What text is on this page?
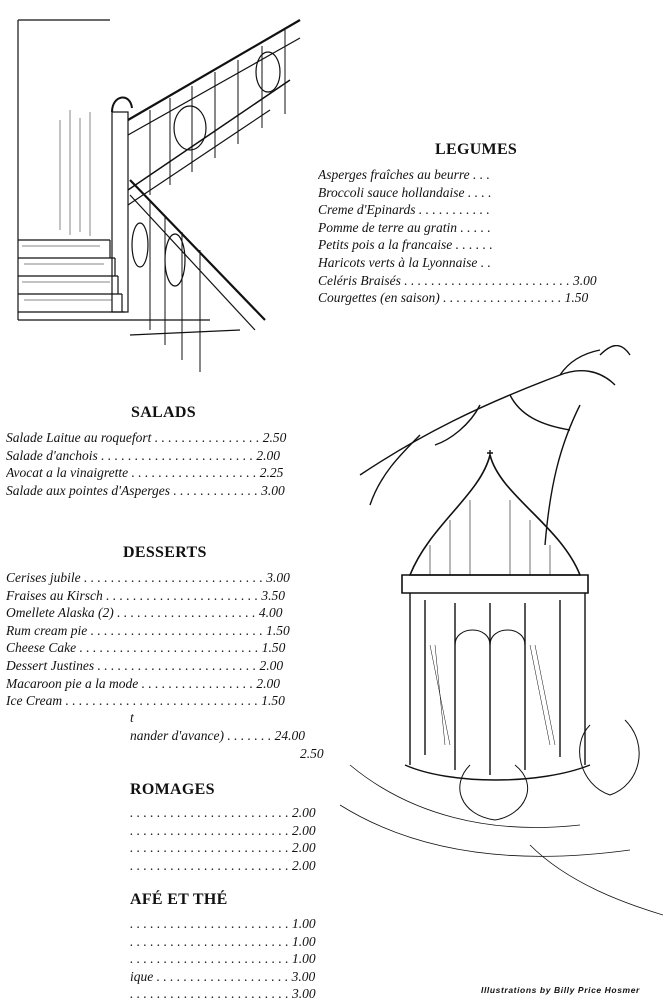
LEGUMES
Asperges fraîches au beurre . . .
Broccoli sauce hollandaise . . . .
Creme d'Epinards . . . . . . . . . . .
Pomme de terre au gratin . . . . .
Petits pois a la francaise . . . . . .
Haricots verts à la Lyonnaise . .
Celéris Braisés . . . . . . . . . . . . . . . . . . . . . . . . . 3.00
Courgettes (en saison) . . . . . . . . . . . . . . . . . . 1.50
SALADS
Salade Laitue au roquefort . . . . . . . . . . . . . . . . 2.50
Salade d'anchois . . . . . . . . . . . . . . . . . . . . . . . 2.00
Avocat a la vinaigrette . . . . . . . . . . . . . . . . . . . 2.25
Salade aux pointes d'Asperges . . . . . . . . . . . . . 3.00
DESSERTS
Cerises jubile . . . . . . . . . . . . . . . . . . . . . . . . . . . 3.00
Fraises au Kirsch . . . . . . . . . . . . . . . . . . . . . . . 3.50
Omellete Alaska (2) . . . . . . . . . . . . . . . . . . . . . 4.00
Rum cream pie . . . . . . . . . . . . . . . . . . . . . . . . . . 1.50
Cheese Cake . . . . . . . . . . . . . . . . . . . . . . . . . . . 1.50
Dessert Justines . . . . . . . . . . . . . . . . . . . . . . . . 2.00
Macaroon pie a la mode . . . . . . . . . . . . . . . . . 2.00
Ice Cream . . . . . . . . . . . . . . . . . . . . . . . . . . . . . 1.50
t
nander d'avance) . . . . . . . 24.00
2.50
ROMAGES
. . . . . . . . . . . . . . . . . . . . . . . . 2.00
. . . . . . . . . . . . . . . . . . . . . . . . 2.00
. . . . . . . . . . . . . . . . . . . . . . . . 2.00
. . . . . . . . . . . . . . . . . . . . . . . . 2.00
AFÉ ET THÉ
. . . . . . . . . . . . . . . . . . . . . . . . 1.00
. . . . . . . . . . . . . . . . . . . . . . . . 1.00
. . . . . . . . . . . . . . . . . . . . . . . . 1.00
ique . . . . . . . . . . . . . . . . . . . . 3.00
. . . . . . . . . . . . . . . . . . . . . . . . 3.00	Illustrations by Billy Price Hosmer
